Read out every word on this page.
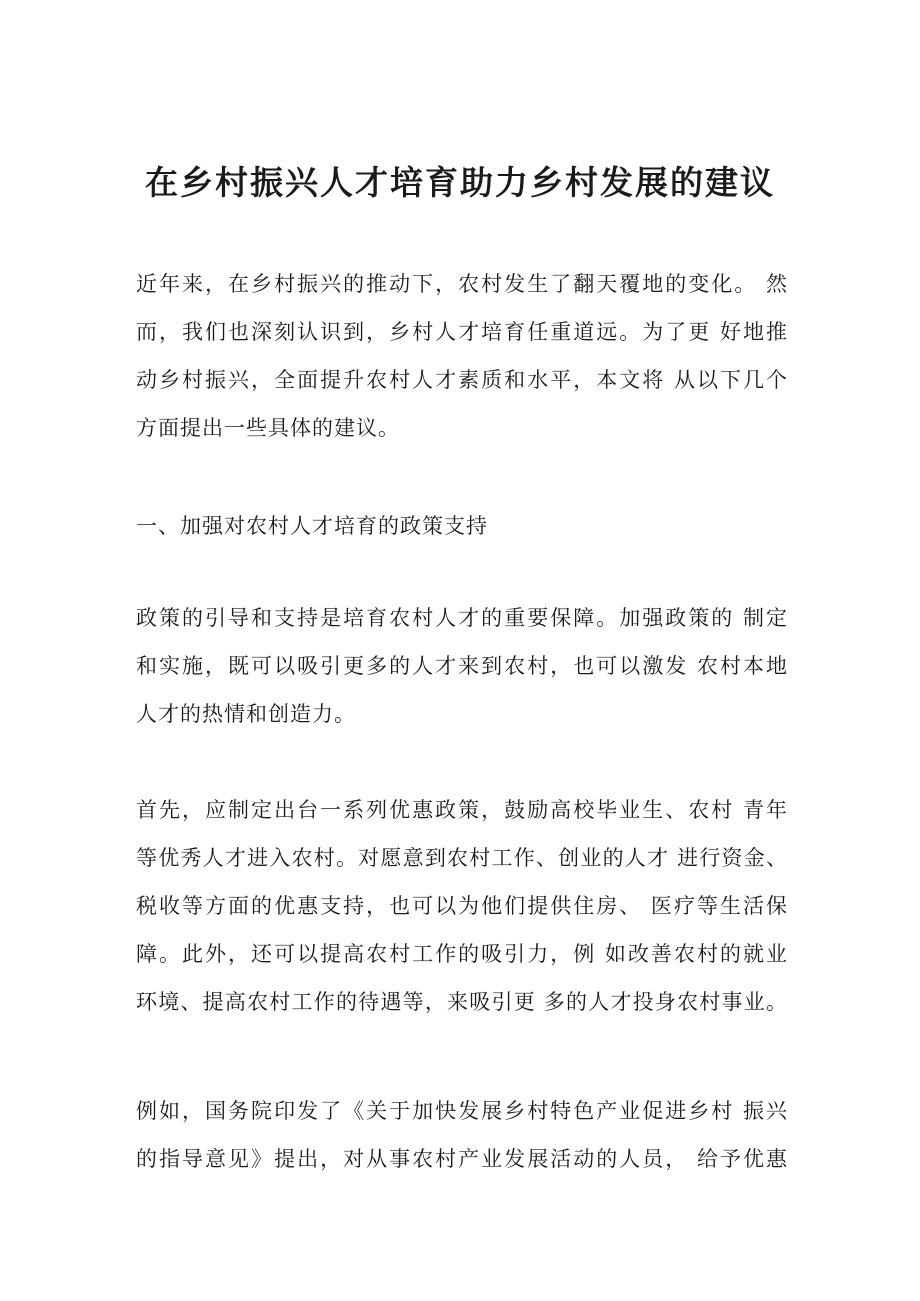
在乡村振兴人才培育助力乡村发展的建议

近年来，在乡村振兴的推动下，农村发生了翻天覆地的变化。 然
而，我们也深刻认识到，乡村人才培育任重道远。为了更 好地推
动乡村振兴，全面提升农村人才素质和水平，本文将 从以下几个
方面提出一些具体的建议。

一、加强对农村人才培育的政策支持

政策的引导和支持是培育农村人才的重要保障。加强政策的 制定
和实施，既可以吸引更多的人才来到农村，也可以激发 农村本地
人才的热情和创造力。

首先，应制定出台一系列优惠政策，鼓励高校毕业生、农村 青年
等优秀人才进入农村。对愿意到农村工作、创业的人才 进行资金、
税收等方面的优惠支持，也可以为他们提供住房、 医疗等生活保
障。此外，还可以提高农村工作的吸引力，例 如改善农村的就业
环境、提高农村工作的待遇等，来吸引更 多的人才投身农村事业。

例如，国务院印发了《关于加快发展乡村特色产业促进乡村 振兴
的指导意见》提出，对从事农村产业发展活动的人员， 给予优惠
